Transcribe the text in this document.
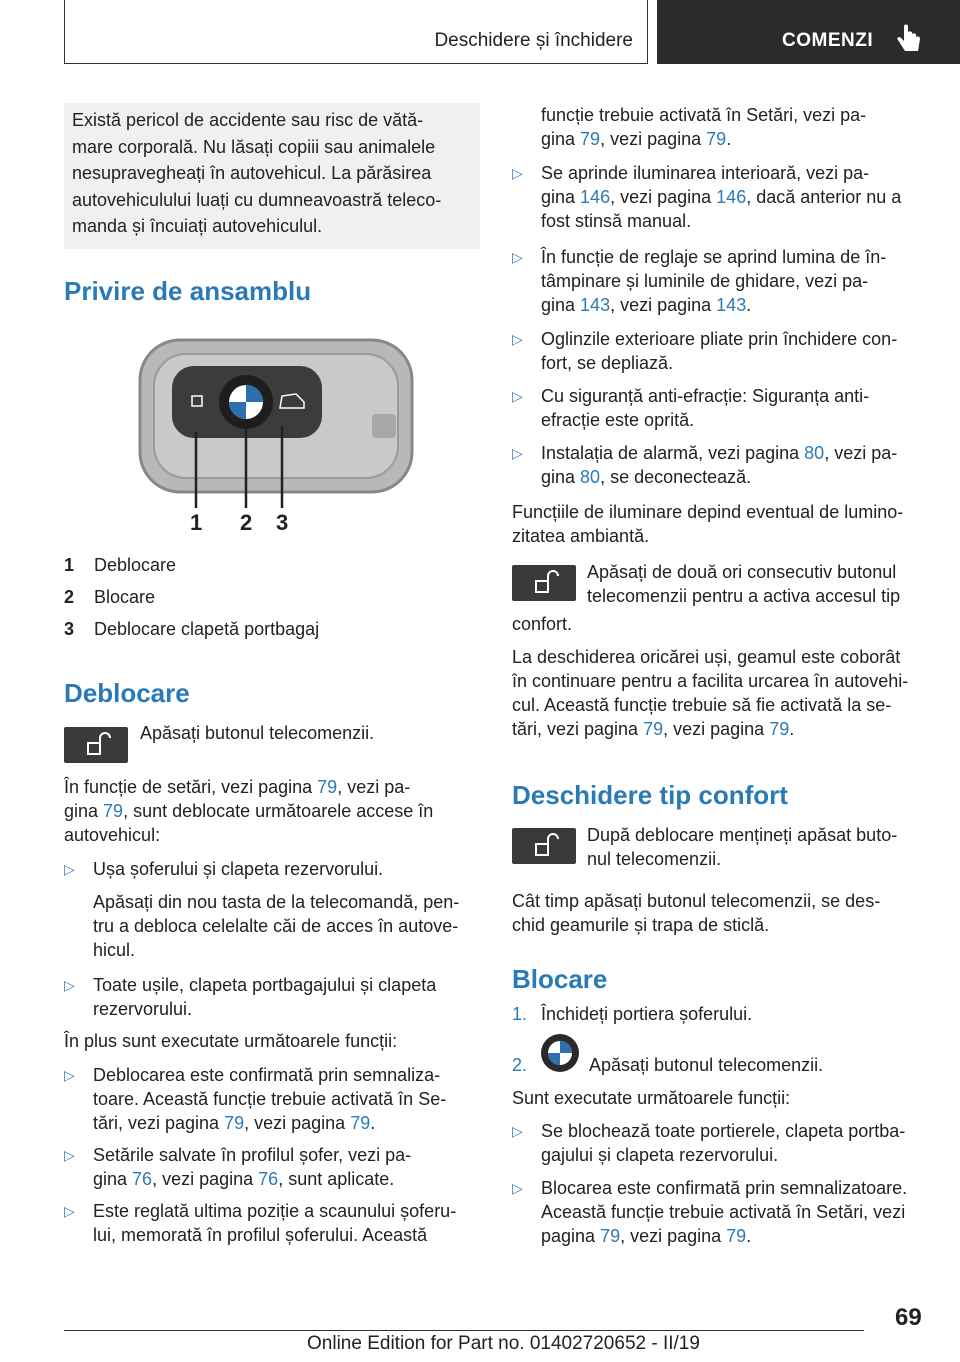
Deschidere și închidere	COMENZI
Există pericol de accidente sau risc de vătă-
mare corporală. Nu lăsați copiii sau animalele
nesupravegheați în autovehicul. La părăsirea
autovehiculului luați cu dumneavoastră teleco-
manda și încuiați autovehiculul.
Privire de ansamblu
1 2 3
1 Deblocare
2 Blocare
3 Deblocare clapetă portbagaj
Deblocare
Apăsați butonul telecomenzii.
În funcție de setări, vezi pagina 79, vezi pa-
gina 79, sunt deblocate următoarele accese în
autovehicul:
▷ Ușa șoferului și clapeta rezervorului.
Apăsați din nou tasta de la telecomandă, pen-
tru a debloca celelalte căi de acces în autove-
hicul.
▷ Toate ușile, clapeta portbagajului și clapeta
rezervorului.
În plus sunt executate următoarele funcții:
▷ Deblocarea este confirmată prin semnaliza-
toare. Această funcție trebuie activată în Se-
tări, vezi pagina 79, vezi pagina 79.
▷ Setările salvate în profilul șofer, vezi pa-
gina 76, vezi pagina 76, sunt aplicate.
▷ Este reglată ultima poziție a scaunului șoferu-
lui, memorată în profilul șoferului. Această
funcție trebuie activată în Setări, vezi pa-
gina 79, vezi pagina 79.
▷ Se aprinde iluminarea interioară, vezi pa-
gina 146, vezi pagina 146, dacă anterior nu a
fost stinsă manual.
▷ În funcție de reglaje se aprind lumina de în-
tâmpinare și luminile de ghidare, vezi pa-
gina 143, vezi pagina 143.
▷ Oglinzile exterioare pliate prin închidere con-
fort, se depliază.
▷ Cu siguranță anti-efracție: Siguranța anti-
efracție este oprită.
▷ Instalația de alarmă, vezi pagina 80, vezi pa-
gina 80, se deconectează.
Funcțiile de iluminare depind eventual de lumino-
zitatea ambiantă.
Apăsați de două ori consecutiv butonul
telecomenzii pentru a activa accesul tip
confort.
La deschiderea oricărei uși, geamul este coborât
în continuare pentru a facilita urcarea în autovehi-
cul. Această funcție trebuie să fie activată la se-
tări, vezi pagina 79, vezi pagina 79.
Deschidere tip confort
După deblocare mențineți apăsat buto-
nul telecomenzii.
Cât timp apăsați butonul telecomenzii, se des-
chid geamurile și trapa de sticlă.
Blocare
1. Închideți portiera șoferului.
2.	Apăsați butonul telecomenzii.
Sunt executate următoarele funcții:
▷ Se blochează toate portierele, clapeta portba-
gajului și clapeta rezervorului.
▷ Blocarea este confirmată prin semnalizatoare.
Această funcție trebuie activată în Setări, vezi
pagina 79, vezi pagina 79.
69
Online Edition for Part no. 01402720652 - II/19
